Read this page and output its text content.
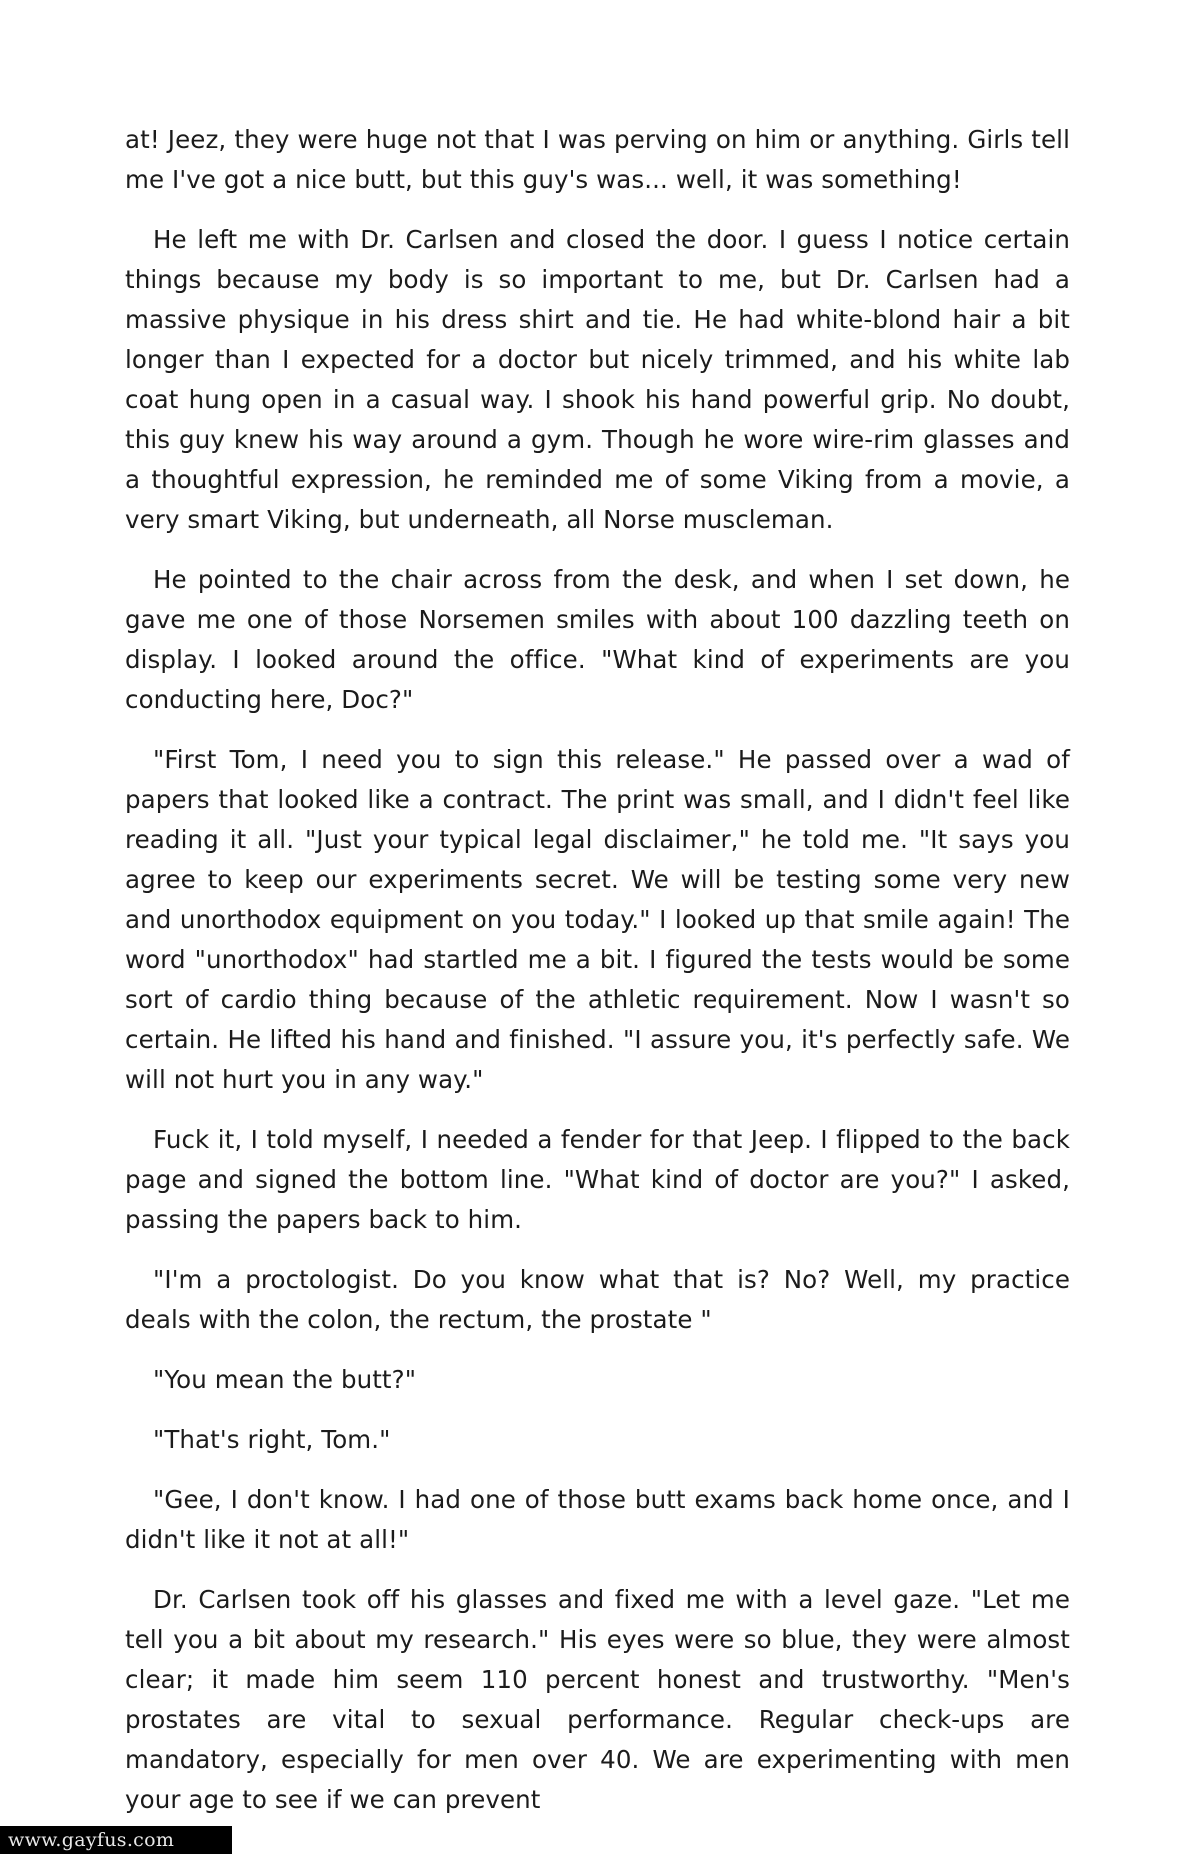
at! Jeez, they were huge not that I was perving on him or anything. Girls tell me I've got a nice butt, but this guy's was... well, it was something!

He left me with Dr. Carlsen and closed the door. I guess I notice certain things because my body is so important to me, but Dr. Carlsen had a massive physique in his dress shirt and tie. He had white-blond hair a bit longer than I expected for a doctor but nicely trimmed, and his white lab coat hung open in a casual way. I shook his hand powerful grip. No doubt, this guy knew his way around a gym. Though he wore wire-rim glasses and a thoughtful expression, he reminded me of some Viking from a movie, a very smart Viking, but underneath, all Norse muscleman.

He pointed to the chair across from the desk, and when I set down, he gave me one of those Norsemen smiles with about 100 dazzling teeth on display. I looked around the office. "What kind of experiments are you conducting here, Doc?"

"First Tom, I need you to sign this release." He passed over a wad of papers that looked like a contract. The print was small, and I didn't feel like reading it all. "Just your typical legal disclaimer," he told me. "It says you agree to keep our experiments secret. We will be testing some very new and unorthodox equipment on you today." I looked up that smile again! The word "unorthodox" had startled me a bit. I figured the tests would be some sort of cardio thing because of the athletic requirement. Now I wasn't so certain. He lifted his hand and finished. "I assure you, it's perfectly safe. We will not hurt you in any way."

Fuck it, I told myself, I needed a fender for that Jeep. I flipped to the back page and signed the bottom line. "What kind of doctor are you?" I asked, passing the papers back to him.

"I'm a proctologist. Do you know what that is? No? Well, my practice deals with the colon, the rectum, the prostate "

"You mean the butt?"

"That's right, Tom."

"Gee, I don't know. I had one of those butt exams back home once, and I didn't like it not at all!"

Dr. Carlsen took off his glasses and fixed me with a level gaze. "Let me tell you a bit about my research." His eyes were so blue, they were almost clear; it made him seem 110 percent honest and trustworthy. "Men's prostates are vital to sexual performance. Regular check-ups are mandatory, especially for men over 40. We are experimenting with men your age to see if we can prevent

www.gayfus.com
